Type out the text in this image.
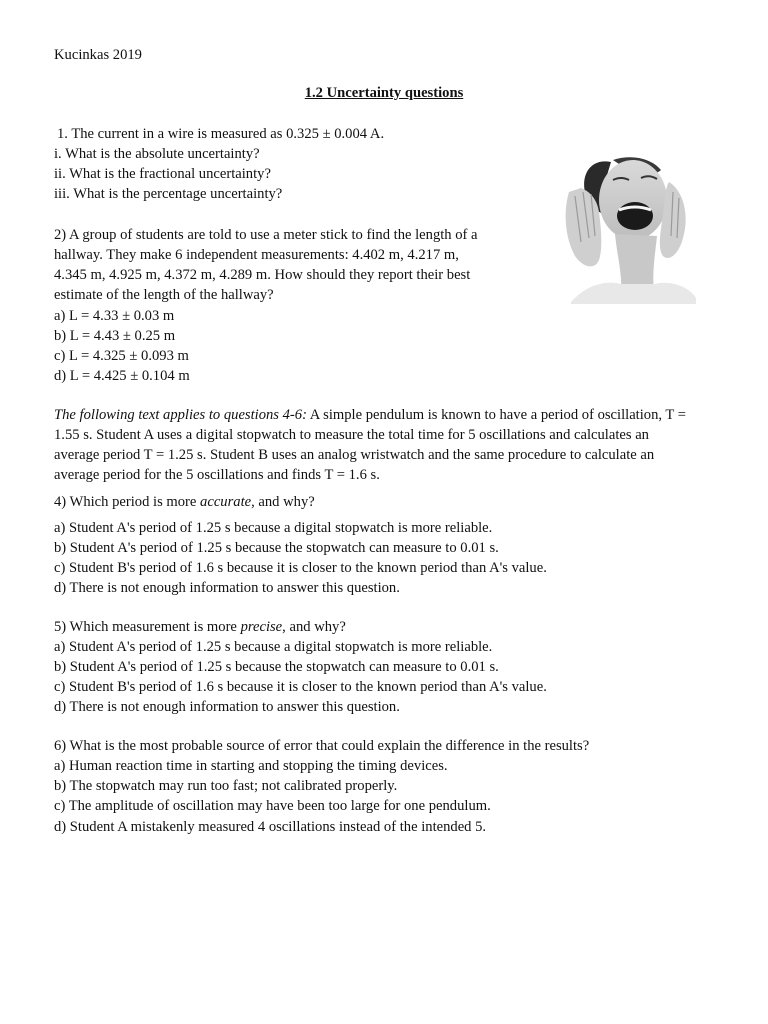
Kucinkas 2019
1.2 Uncertainty questions
1. The current in a wire is measured as 0.325 ± 0.004 A.
i. What is the absolute uncertainty?
ii. What is the fractional uncertainty?
iii. What is the percentage uncertainty?
2) A group of students are told to use a meter stick to find the length of a
hallway. They make 6 independent measurements: 4.402 m, 4.217 m,
4.345 m, 4.925 m, 4.372 m, 4.289 m. How should they report their best
estimate of the length of the hallway?
a) L = 4.33 ± 0.03 m
b) L = 4.43 ± 0.25 m
c) L = 4.325 ± 0.093 m
d) L = 4.425 ± 0.104 m
The following text applies to questions 4-6: A simple pendulum is known to have a period of oscillation, T =
1.55 s. Student A uses a digital stopwatch to measure the total time for 5 oscillations and calculates an
average period T = 1.25 s. Student B uses an analog wristwatch and the same procedure to calculate an
average period for the 5 oscillations and finds T = 1.6 s.
4) Which period is more accurate, and why?
a) Student A's period of 1.25 s because a digital stopwatch is more reliable.
b) Student A's period of 1.25 s because the stopwatch can measure to 0.01 s.
c) Student B's period of 1.6 s because it is closer to the known period than A's value.
d) There is not enough information to answer this question.
5) Which measurement is more precise, and why?
a) Student A's period of 1.25 s because a digital stopwatch is more reliable.
b) Student A's period of 1.25 s because the stopwatch can measure to 0.01 s.
c) Student B's period of 1.6 s because it is closer to the known period than A's value.
d) There is not enough information to answer this question.
6) What is the most probable source of error that could explain the difference in the results?
a) Human reaction time in starting and stopping the timing devices.
b) The stopwatch may run too fast; not calibrated properly.
c) The amplitude of oscillation may have been too large for one pendulum.
d) Student A mistakenly measured 4 oscillations instead of the intended 5.
